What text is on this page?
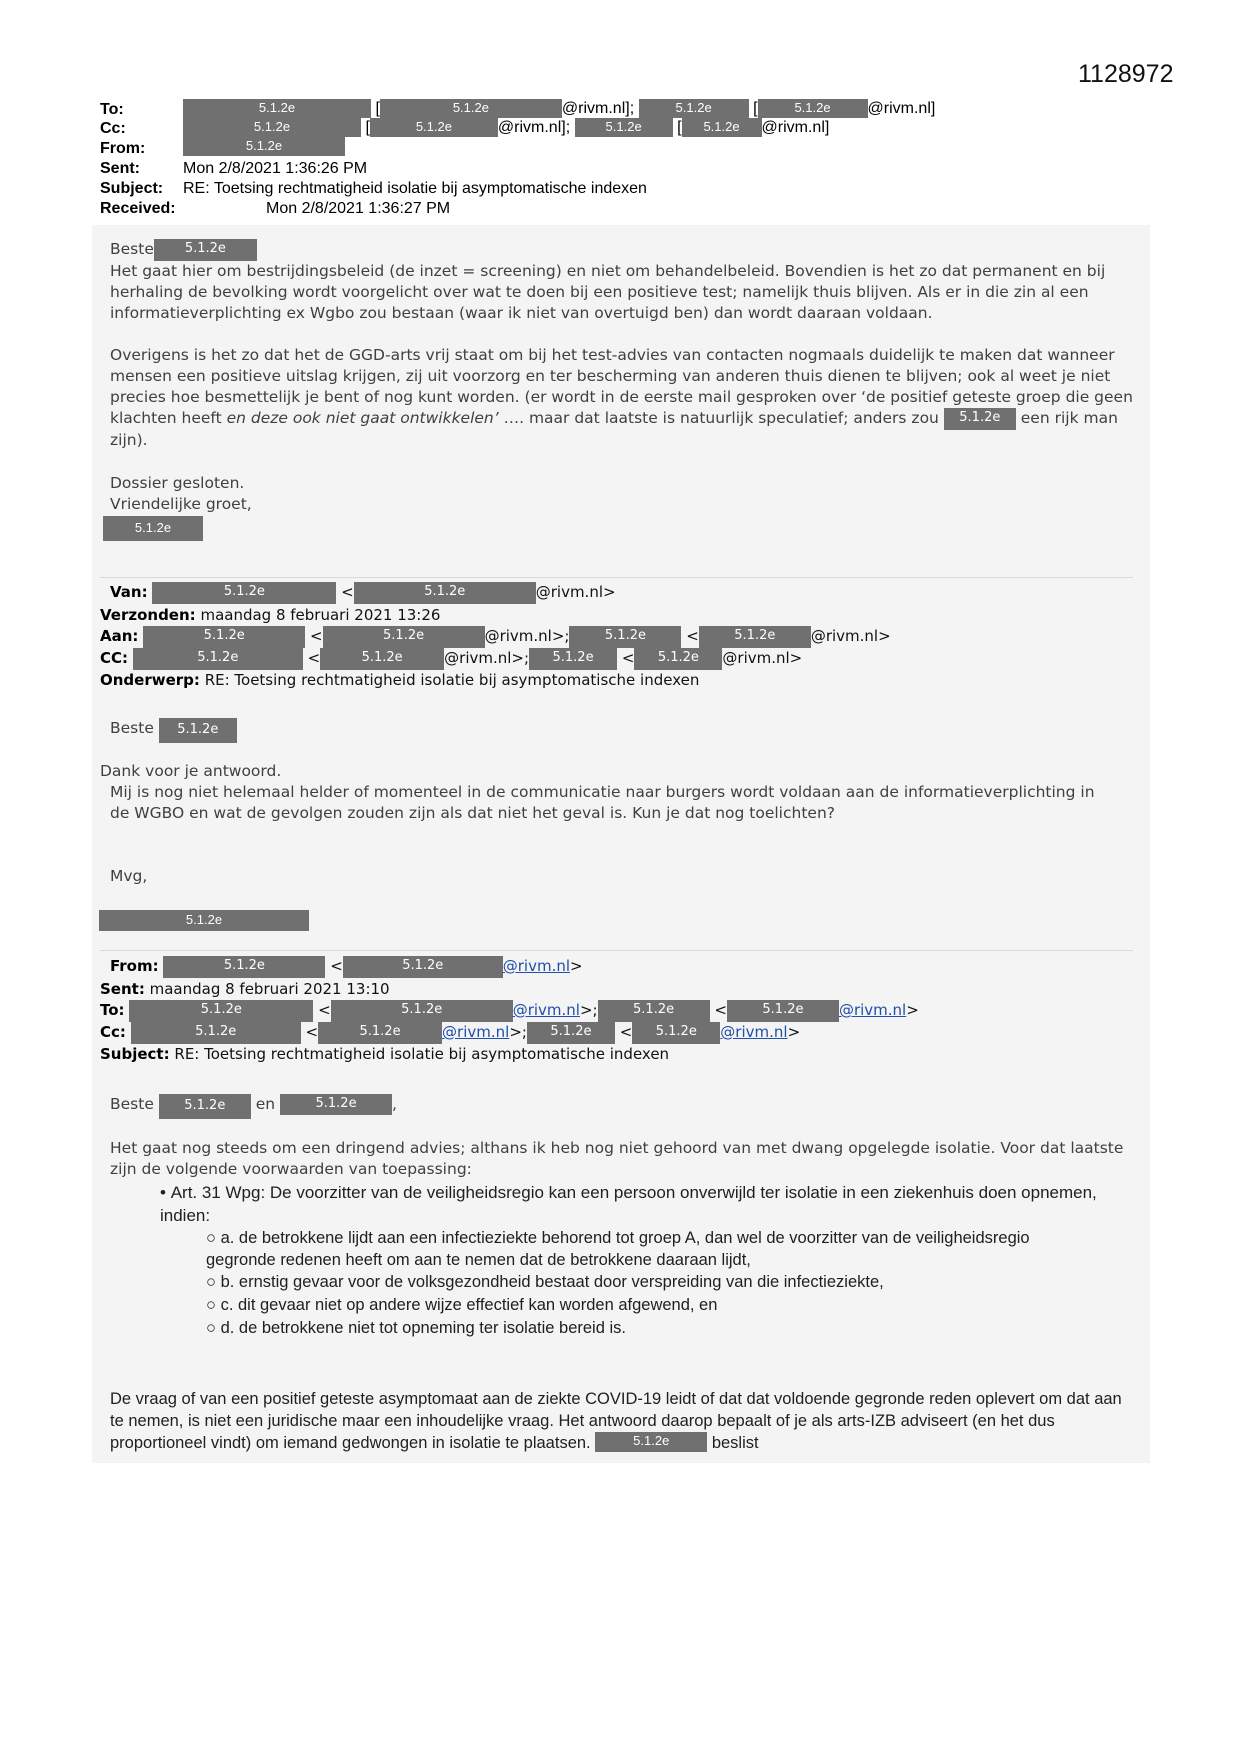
1128972
To:	5.1.2e	[	5.1.2e	@rivm.nl];	5.1.2e	[	5.1.2e @rivm.nl]
Cc:	5.1.2e	[	5.1.2e	@rivm.nl];	5.1.2e [ 5.1.2e @rivm.nl]
From:	5.1.2e
Sent:	Mon 2/8/2021 1:36:26 PM
Subject: RE: Toetsing rechtmatigheid isolatie bij asymptomatische indexen
Received:	Mon 2/8/2021 1:36:27 PM
Beste 5.1.2e
Het gaat hier om bestrijdingsbeleid (de inzet = screening) en niet om behandelbeleid. Bovendien is het zo dat permanent en bij herhaling de bevolking wordt voorgelicht over wat te doen bij een positieve test; namelijk thuis blijven. Als er in die zin al een informatieverplichting ex Wgbo zou bestaan (waar ik niet van overtuigd ben) dan wordt daaraan voldaan.
Overigens is het zo dat het de GGD-arts vrij staat om bij het test-advies van contacten nogmaals duidelijk te maken dat wanneer mensen een positieve uitslag krijgen, zij uit voorzorg en ter bescherming van anderen thuis dienen te blijven; ook al weet je niet precies hoe besmettelijk je bent of nog kunt worden. (er wordt in de eerste mail gesproken over ‘de positief geteste groep die geen klachten heeft en deze ook niet gaat ontwikkelen’ …. maar dat laatste is natuurlijk speculatief; anders zou 5.1.2e een rijk man zijn).
Dossier gesloten.
Vriendelijke groet,
5.1.2e
Van:	5.1.2e	<	5.1.2e	@rivm.nl>
Verzonden: maandag 8 februari 2021 13:26
Aan:	5.1.2e	<	5.1.2e	@rivm.nl>;	5.1.2e	<	5.1.2e @rivm.nl>
CC:	5.1.2e	<	5.1.2e	@rivm.nl>; 5.1.2e < 5.1.2e @rivm.nl>
Onderwerp: RE: Toetsing rechtmatigheid isolatie bij asymptomatische indexen
Beste 5.1.2e
Dank voor je antwoord.
Mij is nog niet helemaal helder of momenteel in de communicatie naar burgers wordt voldaan aan de informatieverplichting in de WGBO en wat de gevolgen zouden zijn als dat niet het geval is. Kun je dat nog toelichten?
Mvg,
5.1.2e
From:	5.1.2e	<	5.1.2e	@rivm.nl>
Sent: maandag 8 februari 2021 13:10
To:	5.1.2e	<	5.1.2e	@rivm.nl>;	5.1.2e	<	5.1.2e @rivm.nl>
Cc:	5.1.2e	<	5.1.2e	@rivm.nl>; 5.1.2e < 5.1.2e @rivm.nl>
Subject: RE: Toetsing rechtmatigheid isolatie bij asymptomatische indexen
Beste 5.1.2e en	5.1.2e ,
Het gaat nog steeds om een dringend advies; althans ik heb nog niet gehoord van met dwang opgelegde isolatie. Voor dat laatste zijn de volgende voorwaarden van toepassing:
• Art. 31 Wpg: De voorzitter van de veiligheidsregio kan een persoon onverwijld ter isolatie in een ziekenhuis doen opnemen, indien:
○ a. de betrokkene lijdt aan een infectieziekte behorend tot groep A, dan wel de voorzitter van de veiligheidsregio gegronde redenen heeft om aan te nemen dat de betrokkene daaraan lijdt,
○ b. ernstig gevaar voor de volksgezondheid bestaat door verspreiding van die infectieziekte,
○ c. dit gevaar niet op andere wijze effectief kan worden afgewend, en
○ d. de betrokkene niet tot opneming ter isolatie bereid is.
De vraag of van een positief geteste asymptomaat aan de ziekte COVID-19 leidt of dat dat voldoende gegronde reden oplevert om dat aan te nemen, is niet een juridische maar een inhoudelijke vraag. Het antwoord daarop bepaalt of je als arts-IZB adviseert (en het dus proportioneel vindt) om iemand gedwongen in isolatie te plaatsen.	5.1.2e	beslist
